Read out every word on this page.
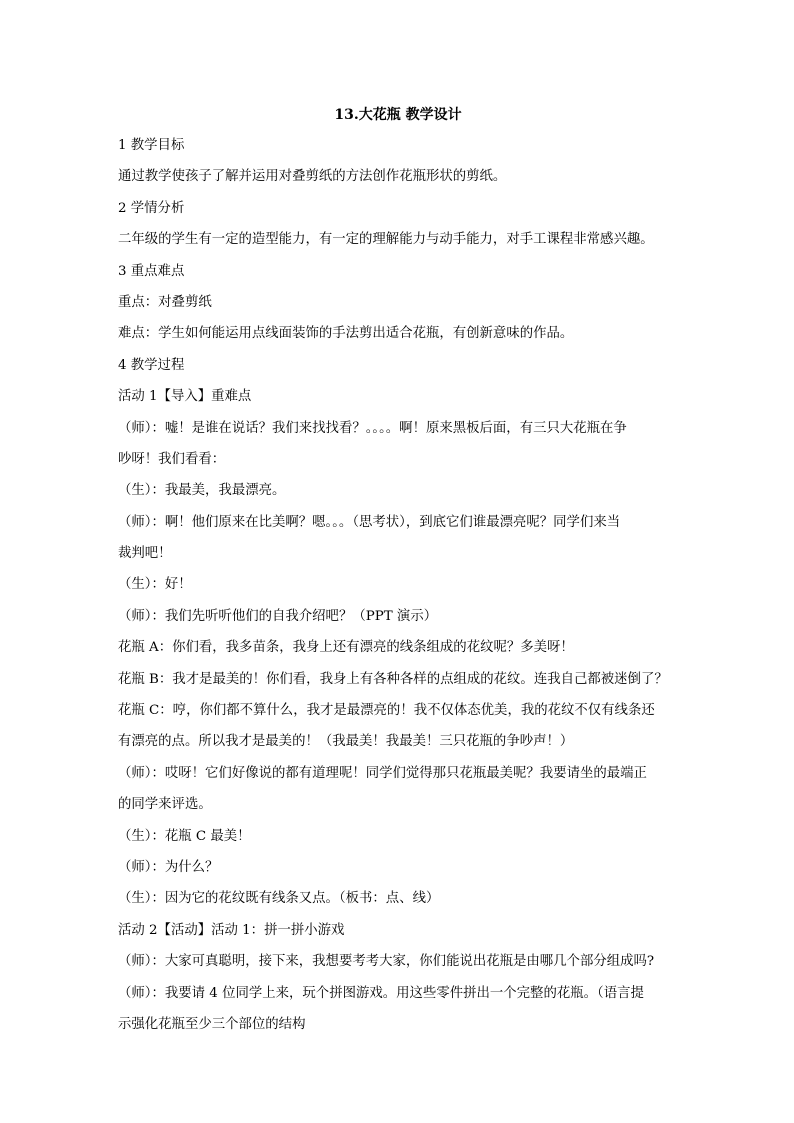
13.大花瓶 教学设计
1 教学目标
通过教学使孩子了解并运用对叠剪纸的方法创作花瓶形状的剪纸。
2 学情分析
二年级的学生有一定的造型能力，有一定的理解能力与动手能力，对手工课程非常感兴趣。
3 重点难点
重点：对叠剪纸
难点：学生如何能运用点线面装饰的手法剪出适合花瓶，有创新意味的作品。
4 教学过程
活动 1【导入】重难点
（师）：嘘！是谁在说话？我们来找找看？。。。。啊！原来黑板后面，有三只大花瓶在争
吵呀！我们看看：
（生）：我最美，我最漂亮。
（师）：啊！他们原来在比美啊？嗯。。。（思考状），到底它们谁最漂亮呢？同学们来当
裁判吧！
（生）：好！
（师）：我们先听听他们的自我介绍吧？（PPT 演示）
花瓶 A：你们看，我多苗条，我身上还有漂亮的线条组成的花纹呢？多美呀！
花瓶 B：我才是最美的！你们看，我身上有各种各样的点组成的花纹。连我自己都被迷倒了？
花瓶 C：哼，你们都不算什么，我才是最漂亮的！我不仅体态优美，我的花纹不仅有线条还
有漂亮的点。所以我才是最美的！（我最美！我最美！三只花瓶的争吵声！）
（师）：哎呀！它们好像说的都有道理呢！同学们觉得那只花瓶最美呢？我要请坐的最端正
的同学来评选。
（生）：花瓶 C 最美！
（师）：为什么？
（生）：因为它的花纹既有线条又点。（板书：点、线）
活动 2【活动】活动 1：拼一拼小游戏
（师）：大家可真聪明，接下来，我想要考考大家，你们能说出花瓶是由哪几个部分组成吗?
（师）：我要请 4 位同学上来，玩个拼图游戏。用这些零件拼出一个完整的花瓶。（语言提
示强化花瓶至少三个部位的结构
